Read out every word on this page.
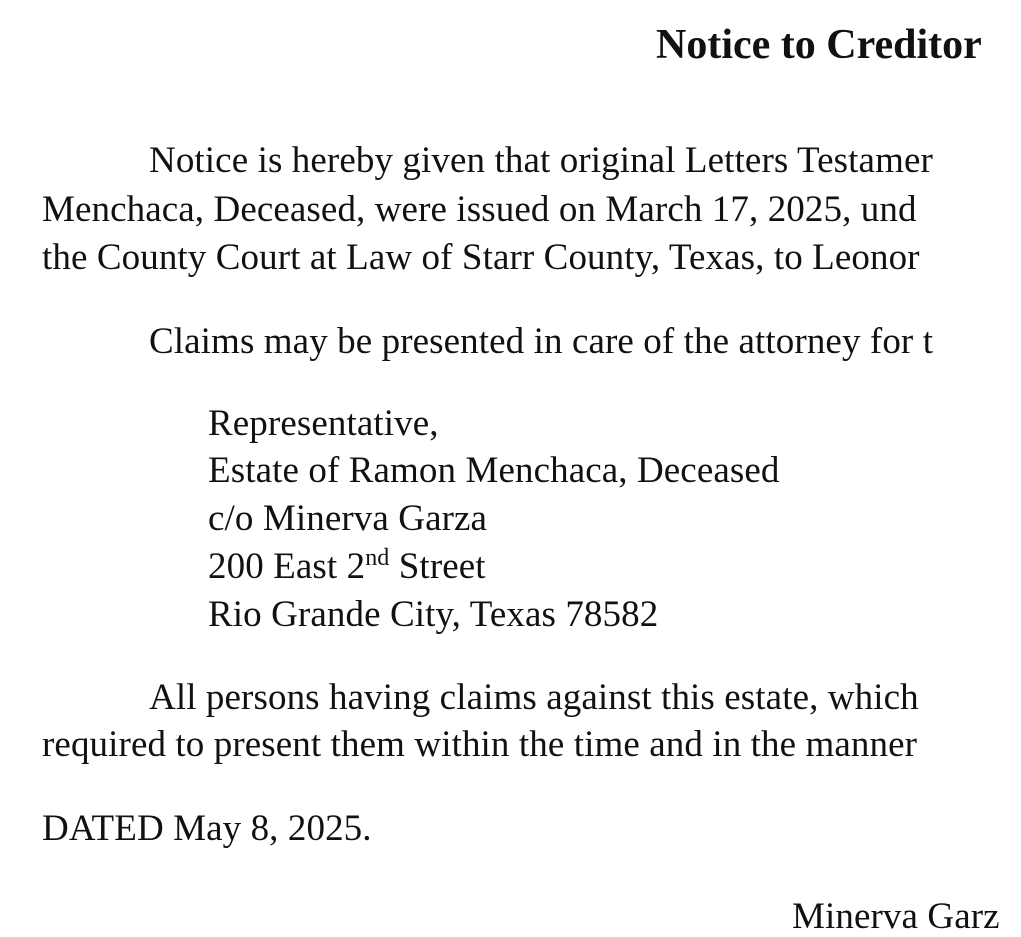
Notice to Creditor
Notice is hereby given that original Letters Testamer
Menchaca, Deceased, were issued on March 17, 2025, und
the County Court at Law of Starr County, Texas, to Leonor
Claims may be presented in care of the attorney for t
Representative,
Estate of Ramon Menchaca, Deceased
c/o Minerva Garza
200 East 2nd Street
Rio Grande City, Texas 78582
All persons having claims against this estate, which
required to present them within the time and in the manner
DATED May 8, 2025.
Minerva Garz
